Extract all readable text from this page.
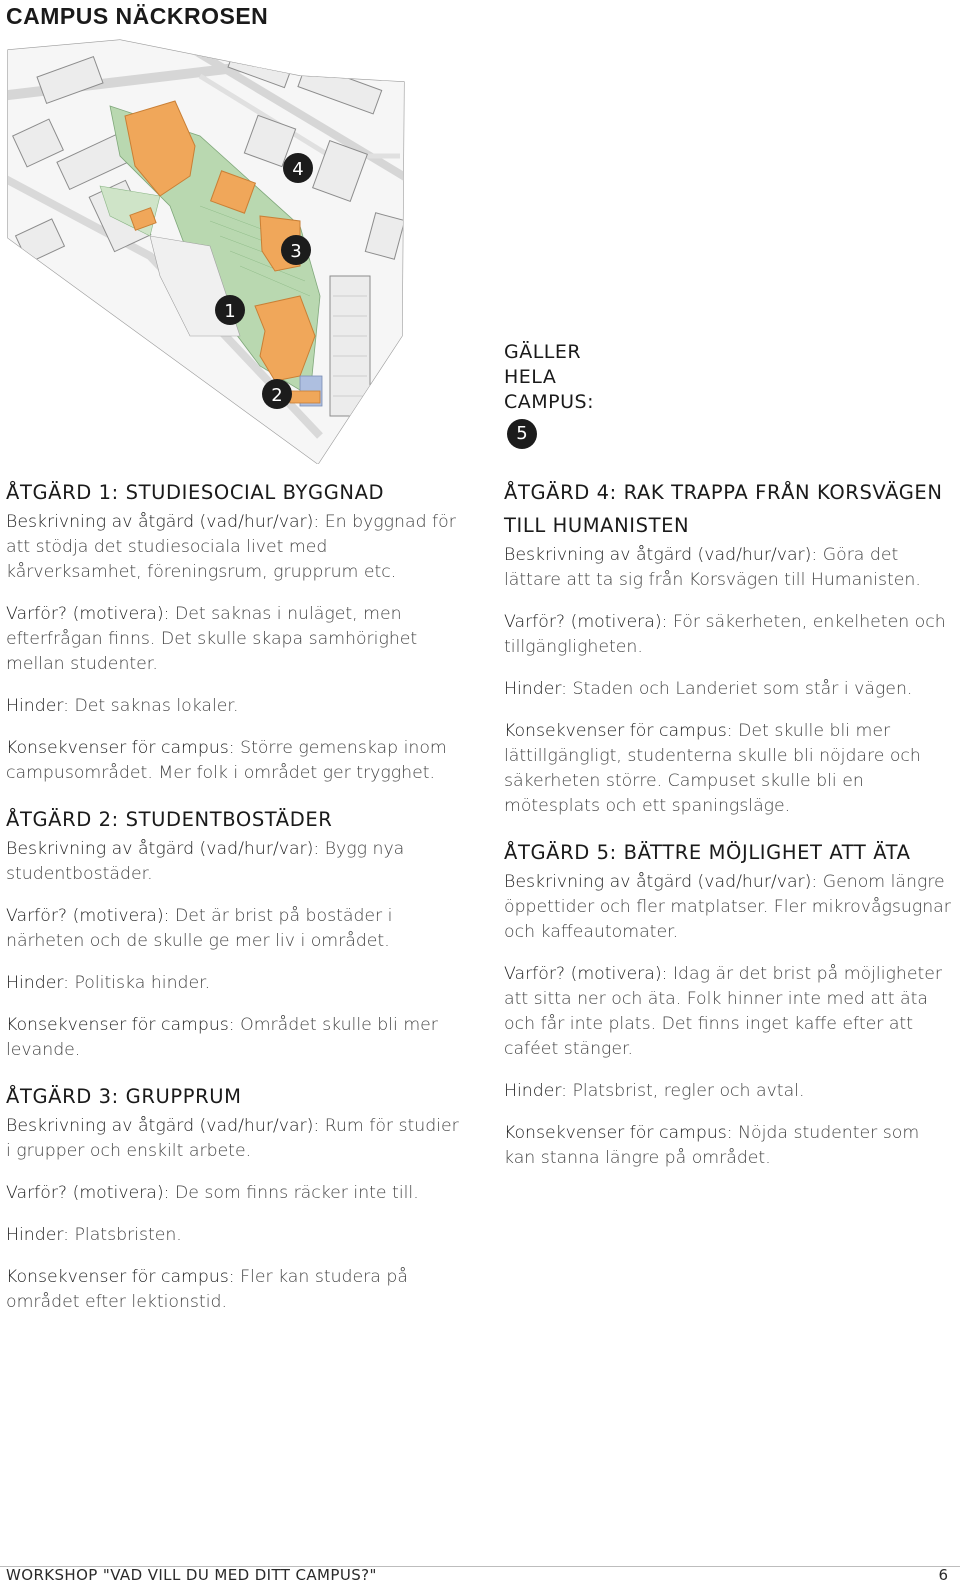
CAMPUS NÄCKROSEN
4
3
1
2
GÄLLER
HELA
CAMPUS:
5
ÅTGÄRD 1: STUDIESOCIAL BYGGNAD

Beskrivning av åtgärd (vad/hur/var): En byggnad för att stödja det studiesociala livet med kårverksamhet, föreningsrum, grupprum etc.

Varför? (motivera): Det saknas i nuläget, men efterfrågan finns. Det skulle skapa samhörighet mellan studenter.

Hinder: Det saknas lokaler.

Konsekvenser för campus: Större gemenskap inom campusområdet. Mer folk i området ger trygghet.

ÅTGÄRD 2: STUDENTBOSTÄDER

Beskrivning av åtgärd (vad/hur/var): Bygg nya studentbostäder.

Varför? (motivera): Det är brist på bostäder i närheten och de skulle ge mer liv i området.

Hinder: Politiska hinder.

Konsekvenser för campus: Området skulle bli mer levande.

ÅTGÄRD 3: GRUPPRUM

Beskrivning av åtgärd (vad/hur/var): Rum för studier i grupper och enskilt arbete.

Varför? (motivera): De som finns räcker inte till.

Hinder: Platsbristen.

Konsekvenser för campus: Fler kan studera på området efter lektionstid.

ÅTGÄRD 4: RAK TRAPPA FRÅN KORSVÄGEN TILL HUMANISTEN

Beskrivning av åtgärd (vad/hur/var): Göra det lättare att ta sig från Korsvägen till Humanisten.

Varför? (motivera): För säkerheten, enkelheten och tillgängligheten.

Hinder: Staden och Landeriet som står i vägen.

Konsekvenser för campus: Det skulle bli mer lättillgängligt, studenterna skulle bli nöjdare och säkerheten större. Campuset skulle bli en mötesplats och ett spaningsläge.

ÅTGÄRD 5: BÄTTRE MÖJLIGHET ATT ÄTA

Beskrivning av åtgärd (vad/hur/var): Genom längre öppettider och fler matplatser. Fler mikrovågsugnar och kaffeautomater.

Varför? (motivera): Idag är det brist på möjligheter att sitta ner och äta. Folk hinner inte med att äta och får inte plats. Det finns inget kaffe efter att caféet stänger.

Hinder: Platsbrist, regler och avtal.

Konsekvenser för campus: Nöjda studenter som kan stanna längre på området.

WORKSHOP "VAD VILL DU MED DITT CAMPUS?"	6
